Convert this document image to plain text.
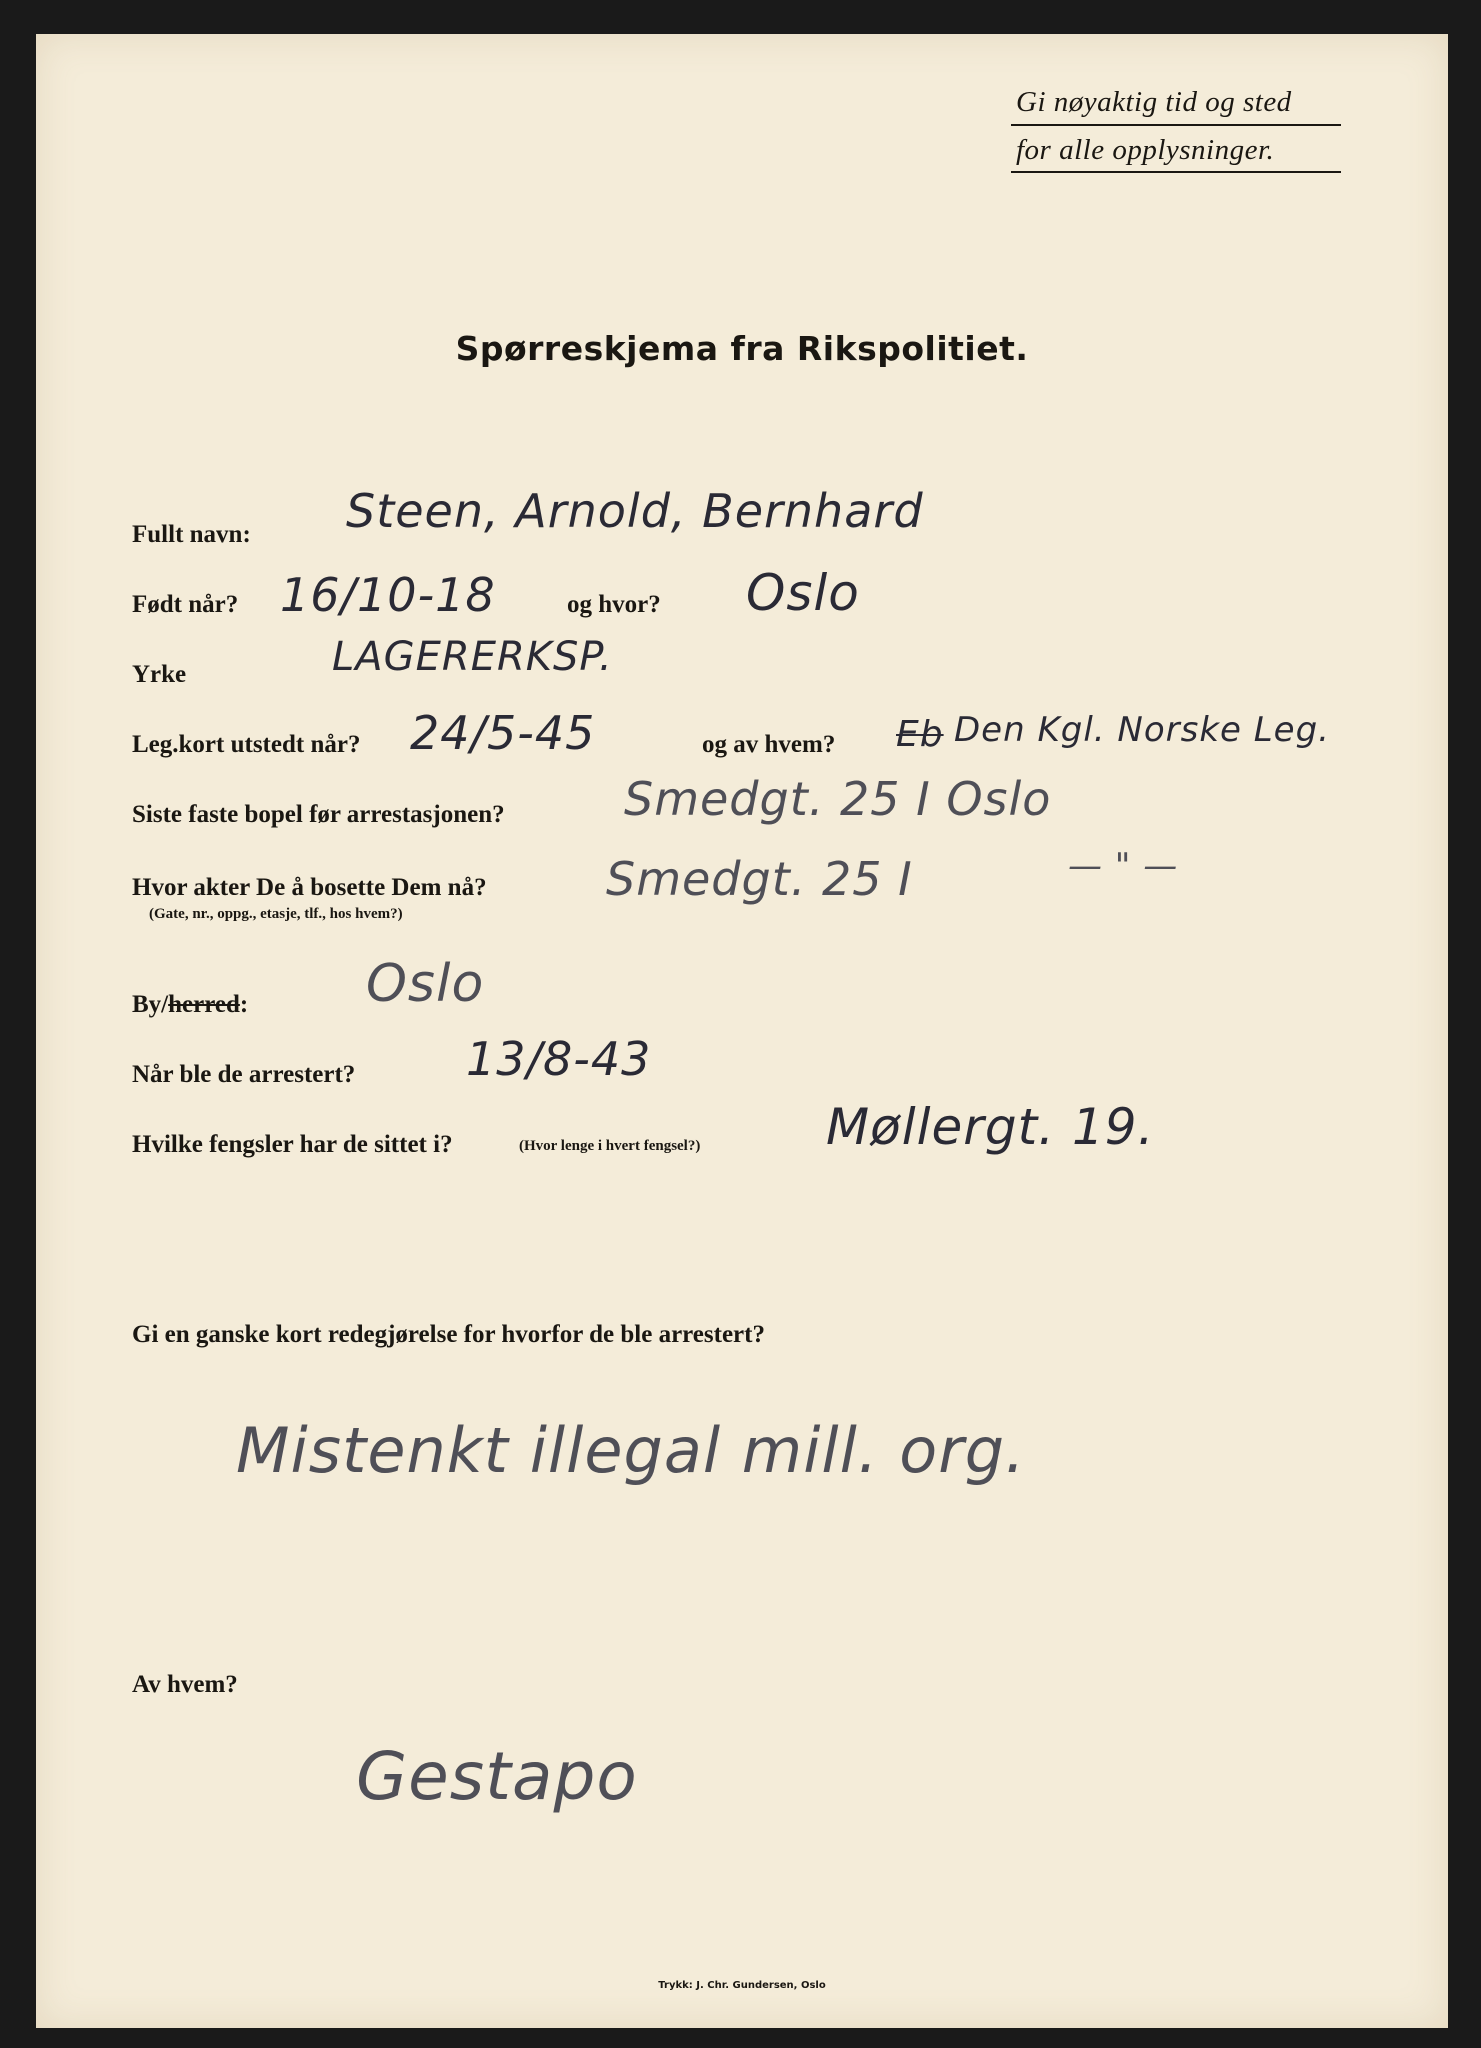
Gi nøyaktig tid og sted
for alle opplysninger.
Spørreskjema fra Rikspolitiet.
Fullt navn: Steen, Arnold, Bernhard
Født når? 16/10-18	og hvor? Oslo
Yrke	LAGERERKSP.
Leg.kort utstedt når? 24/5-45	og av hvem? Eb Den Kgl. Norske Leg.
Siste faste bopel før arrestasjonen?	Smedgt. 25 I Oslo
Hvor akter De å bosette Dem nå?
(Gate, nr., oppg., etasje, tlf., hos hvem?)
Smedgt. 25 I	— " —
By/herred: Oslo
Når ble de arrestert? 13/8-43
Hvilke fengsler har de sittet i?	(Hvor lenge i hvert fengsel?)	Møllergt. 19.
Gi en ganske kort redegjørelse for hvorfor de ble arrestert?
Mistenkt illegal mill. org.
Av hvem?
Gestapo
Trykk: J. Chr. Gundersen, Oslo
